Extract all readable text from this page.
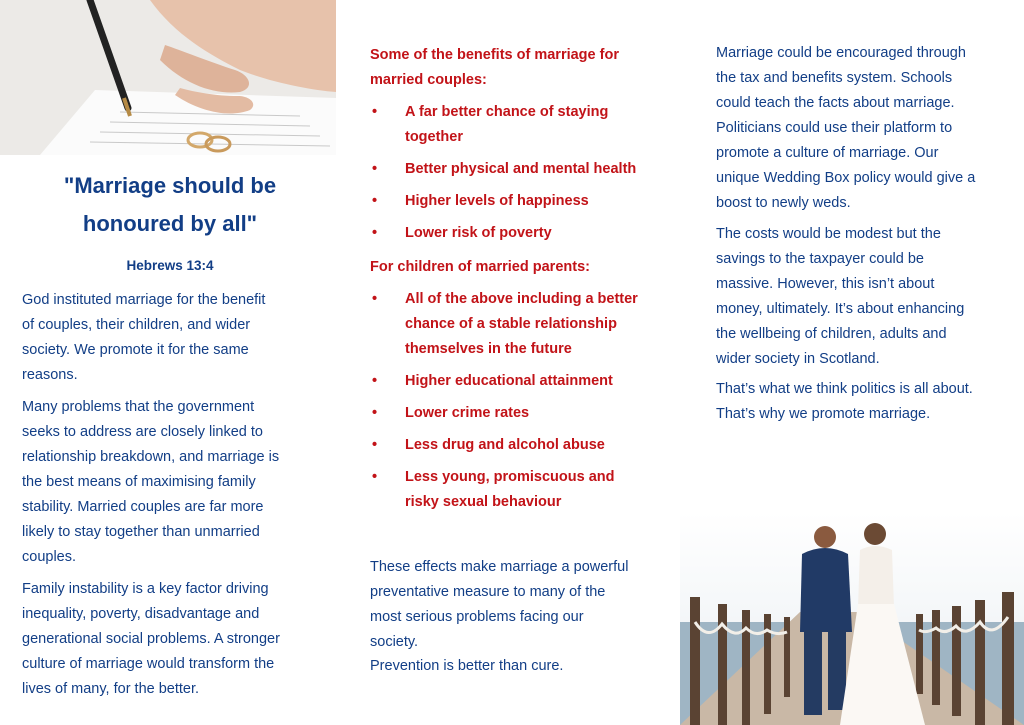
"Marriage should be
honoured by all"
Hebrews 13:4
God instituted marriage for the benefit
of couples, their children, and wider
society. We promote it for the same
reasons.
Many problems that the government
seeks to address are closely linked to
relationship breakdown, and marriage is
the best means of maximising family
stability. Married couples are far more
likely to stay together than unmarried
couples.
Family instability is a key factor driving
inequality, poverty, disadvantage and
generational social problems. A stronger
culture of marriage would transform the
lives of many, for the better.
Some of the benefits of marriage for
married couples:
• A far better chance of staying
together
• Better physical and mental health
• Higher levels of happiness
• Lower risk of poverty
For children of married parents:
• All of the above including a better
chance of a stable relationship
themselves in the future
• Higher educational attainment
• Lower crime rates
• Less drug and alcohol abuse
• Less young, promiscuous and
risky sexual behaviour
These effects make marriage a powerful
preventative measure to many of the
most serious problems facing our
society.
Prevention is better than cure.
Marriage could be encouraged through
the tax and benefits system. Schools
could teach the facts about marriage.
Politicians could use their platform to
promote a culture of marriage. Our
unique Wedding Box policy would give a
boost to newly weds.
The costs would be modest but the
savings to the taxpayer could be
massive. However, this isn’t about
money, ultimately. It’s about enhancing
the wellbeing of children, adults and
wider society in Scotland.
That’s what we think politics is all about.
That’s why we promote marriage.
